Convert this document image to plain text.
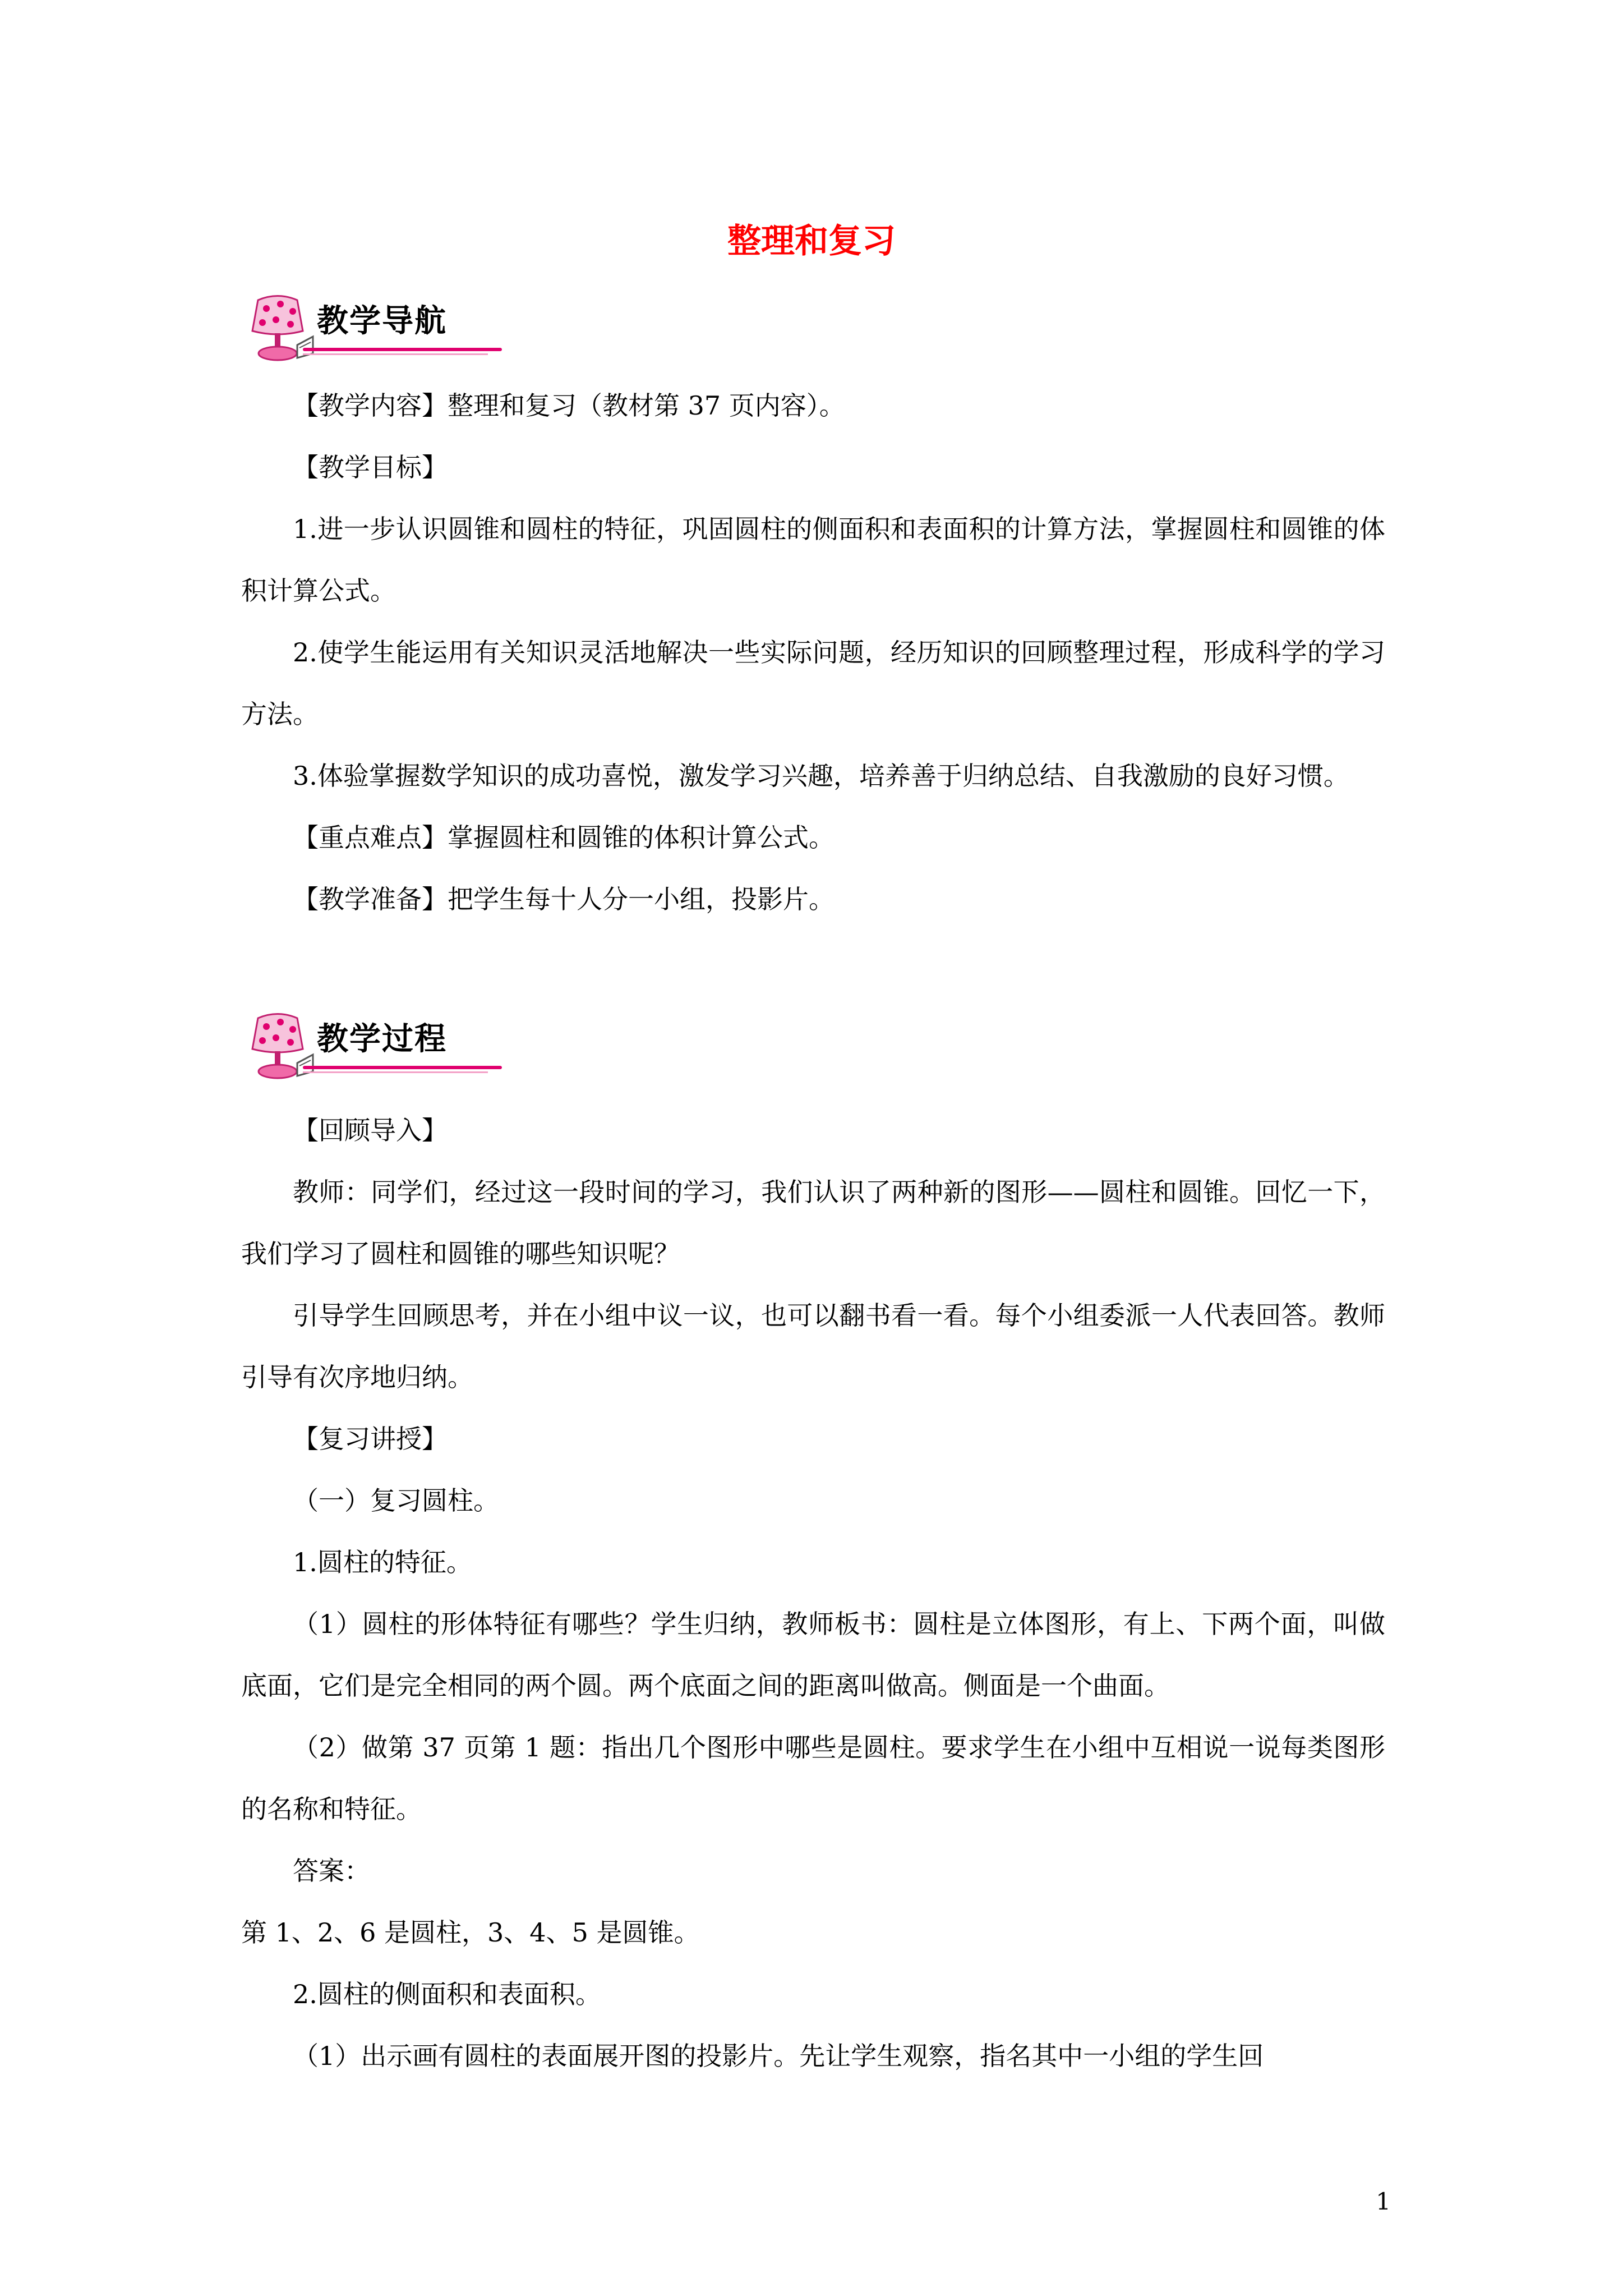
整理和复习
教学导航

【教学内容】整理和复习（教材第 37 页内容）。

【教学目标】

1.进一步认识圆锥和圆柱的特征，巩固圆柱的侧面积和表面积的计算方法，掌握圆柱和圆锥的体积计算公式。

2.使学生能运用有关知识灵活地解决一些实际问题，经历知识的回顾整理过程，形成科学的学习方法。

3.体验掌握数学知识的成功喜悦，激发学习兴趣，培养善于归纳总结、自我激励的良好习惯。

【重点难点】掌握圆柱和圆锥的体积计算公式。

【教学准备】把学生每十人分一小组，投影片。

教学过程

【回顾导入】

教师：同学们，经过这一段时间的学习，我们认识了两种新的图形——圆柱和圆锥。回忆一下，我们学习了圆柱和圆锥的哪些知识呢？

引导学生回顾思考，并在小组中议一议，也可以翻书看一看。每个小组委派一人代表回答。教师引导有次序地归纳。

【复习讲授】

（一）复习圆柱。

1.圆柱的特征。

（1）圆柱的形体特征有哪些？学生归纳，教师板书：圆柱是立体图形，有上、下两个面，叫做底面，它们是完全相同的两个圆。两个底面之间的距离叫做高。侧面是一个曲面。

（2）做第 37 页第 1 题：指出几个图形中哪些是圆柱。要求学生在小组中互相说一说每类图形的名称和特征。

答案：

第 1、2、6 是圆柱，3、4、5 是圆锥。

2.圆柱的侧面积和表面积。

（1）出示画有圆柱的表面展开图的投影片。先让学生观察，指名其中一小组的学生回

1
